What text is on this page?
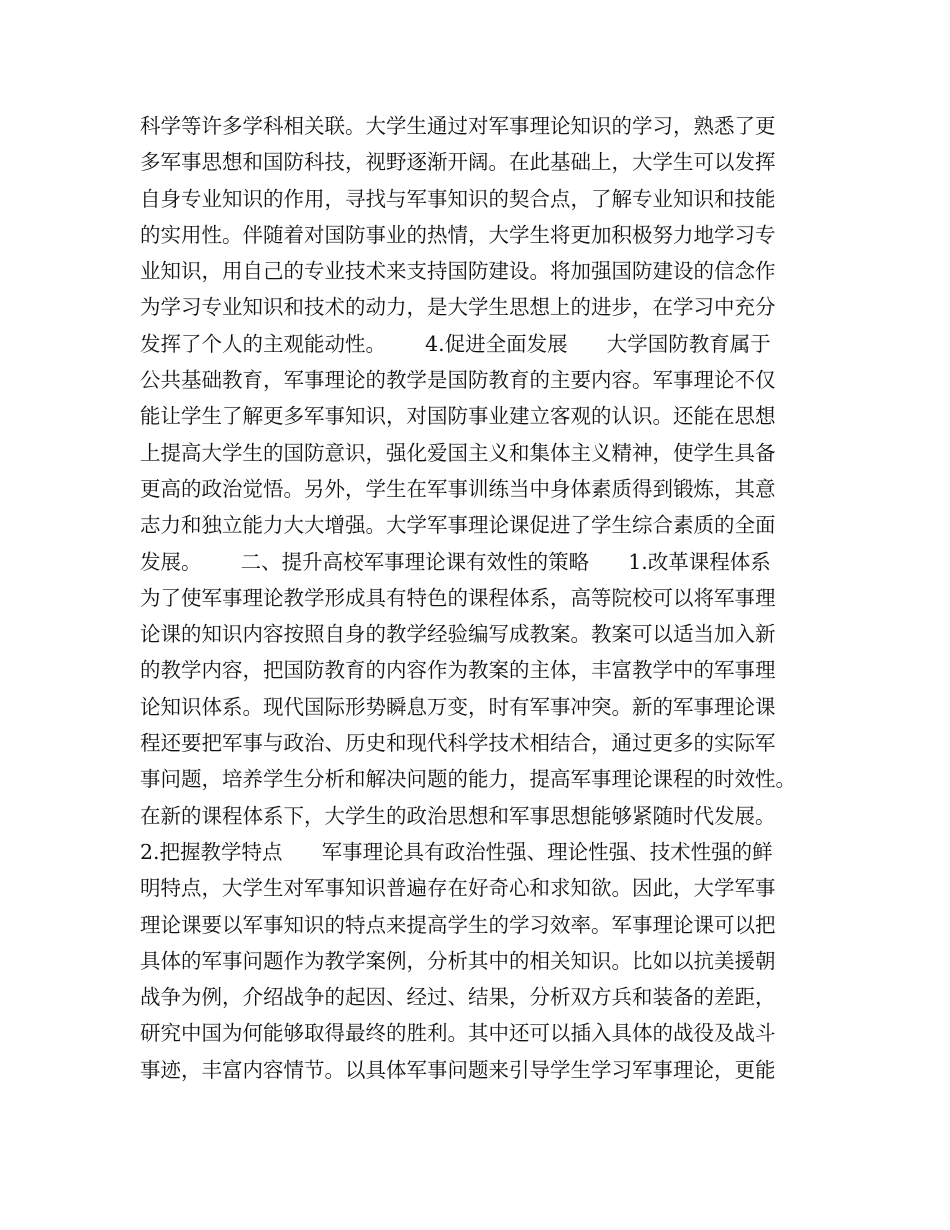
科学等许多学科相关联。大学生通过对军事理论知识的学习，熟悉了更
多军事思想和国防科技，视野逐渐开阔。在此基础上，大学生可以发挥
自身专业知识的作用，寻找与军事知识的契合点，了解专业知识和技能
的实用性。伴随着对国防事业的热情，大学生将更加积极努力地学习专
业知识，用自己的专业技术来支持国防建设。将加强国防建设的信念作
为学习专业知识和技术的动力，是大学生思想上的进步，在学习中充分
发挥了个人的主观能动性。      4.促进全面发展      大学国防教育属于
公共基础教育，军事理论的教学是国防教育的主要内容。军事理论不仅
能让学生了解更多军事知识，对国防事业建立客观的认识。还能在思想
上提高大学生的国防意识，强化爱国主义和集体主义精神，使学生具备
更高的政治觉悟。另外，学生在军事训练当中身体素质得到锻炼，其意
志力和独立能力大大增强。大学军事理论课促进了学生综合素质的全面
发展。      二、提升高校军事理论课有效性的策略      1.改革课程体系
为了使军事理论教学形成具有特色的课程体系，高等院校可以将军事理
论课的知识内容按照自身的教学经验编写成教案。教案可以适当加入新
的教学内容，把国防教育的内容作为教案的主体，丰富教学中的军事理
论知识体系。现代国际形势瞬息万变，时有军事冲突。新的军事理论课
程还要把军事与政治、历史和现代科学技术相结合，通过更多的实际军
事问题，培养学生分析和解决问题的能力，提高军事理论课程的时效性。
在新的课程体系下，大学生的政治思想和军事思想能够紧随时代发展。
2.把握教学特点      军事理论具有政治性强、理论性强、技术性强的鲜
明特点，大学生对军事知识普遍存在好奇心和求知欲。因此，大学军事
理论课要以军事知识的特点来提高学生的学习效率。军事理论课可以把
具体的军事问题作为教学案例，分析其中的相关知识。比如以抗美援朝
战争为例，介绍战争的起因、经过、结果，分析双方兵和装备的差距，
研究中国为何能够取得最终的胜利。其中还可以插入具体的战役及战斗
事迹，丰富内容情节。以具体军事问题来引导学生学习军事理论，更能
